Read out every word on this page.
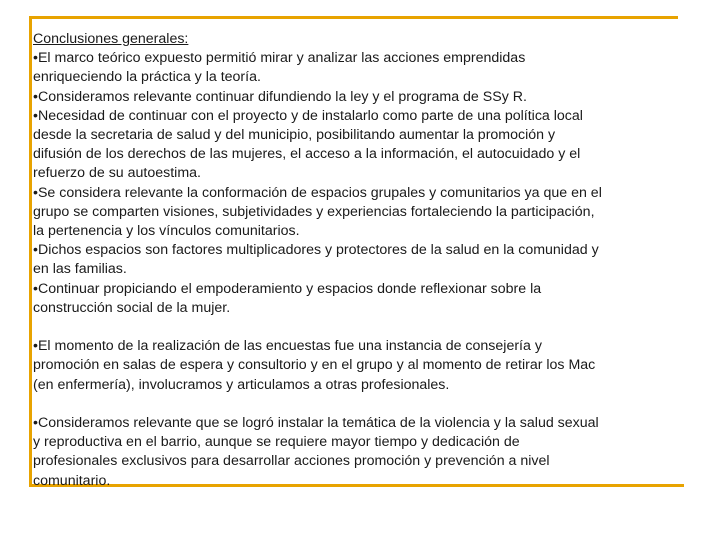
Conclusiones generales:
•El marco teórico expuesto permitió mirar y analizar las acciones emprendidas
enriqueciendo la práctica y la teoría.
•Consideramos relevante continuar difundiendo la ley y el programa de SSy R.
•Necesidad de continuar con el proyecto y de instalarlo como parte de una política local
desde la secretaria de salud y del municipio, posibilitando aumentar la promoción y
difusión de los derechos de las mujeres, el acceso a la información, el autocuidado y el
refuerzo de su autoestima.
•Se considera relevante la conformación de espacios grupales y comunitarios ya que en el
grupo se comparten visiones, subjetividades y experiencias fortaleciendo la participación,
la pertenencia y los vínculos comunitarios.
•Dichos espacios son factores multiplicadores y protectores de la salud en la comunidad y
en las familias.
•Continuar propiciando el empoderamiento y espacios donde reflexionar sobre la
construcción social de la mujer.
•El momento de la realización de las encuestas fue una instancia de consejería y
promoción en salas de espera y consultorio y en el grupo y al momento de retirar los Mac
(en enfermería), involucramos y articulamos a otras profesionales.
•Consideramos relevante que se logró instalar la temática de la violencia y la salud sexual
y reproductiva en el barrio, aunque se requiere mayor tiempo y dedicación de
profesionales exclusivos para desarrollar acciones promoción y prevención a nivel
comunitario.
